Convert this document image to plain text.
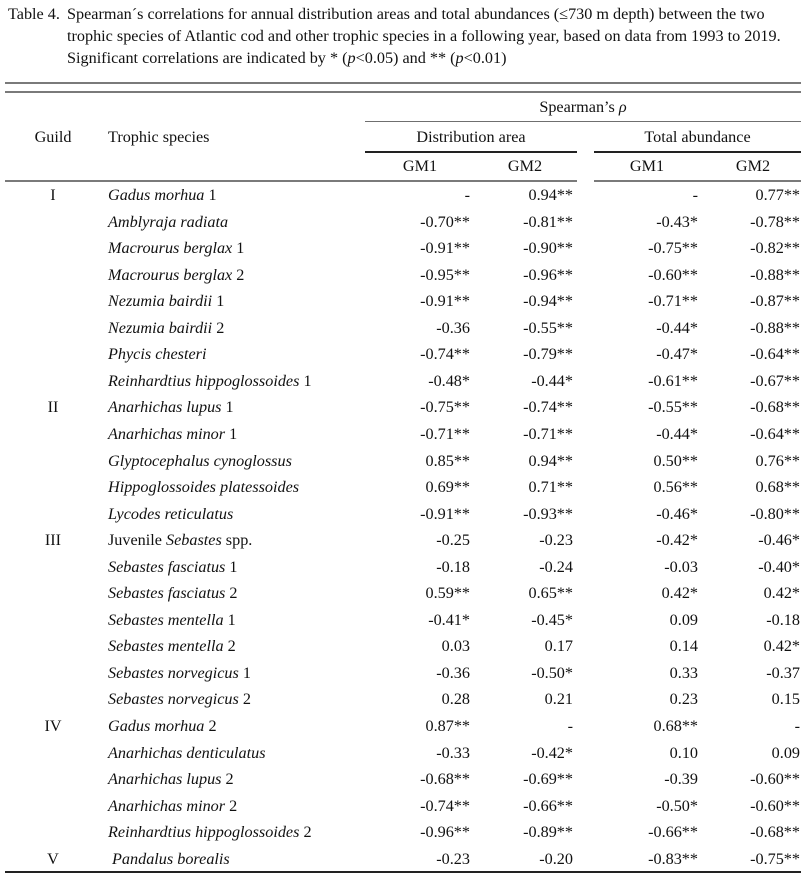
Table 4. Spearman´s correlations for annual distribution areas and total abundances (≤730 m depth) between the two trophic species of Atlantic cod and other trophic species in a following year, based on data from 1993 to 2019. Significant correlations are indicated by * (p<0.05) and ** (p<0.01)
Guild	Trophic species
Spearman’s ρ
Distribution area	Total abundance
GM1	GM2	GM1	GM2
I	Gadus morhua 1	-	0.94**	-	0.77**
Amblyraja radiata	-0.70**	-0.81**	-0.43*	-0.78**
Macrourus berglax 1	-0.91**	-0.90**	-0.75**	-0.82**
Macrourus berglax 2	-0.95**	-0.96**	-0.60**	-0.88**
Nezumia bairdii 1	-0.91**	-0.94**	-0.71**	-0.87**
Nezumia bairdii 2	-0.36	-0.55**	-0.44*	-0.88**
Phycis chesteri	-0.74**	-0.79**	-0.47*	-0.64**
Reinhardtius hippoglossoides 1	-0.48*	-0.44*	-0.61**	-0.67**
II	Anarhichas lupus 1	-0.75**	-0.74**	-0.55**	-0.68**
Anarhichas minor 1	-0.71**	-0.71**	-0.44*	-0.64**
Glyptocephalus cynoglossus	0.85**	0.94**	0.50**	0.76**
Hippoglossoides platessoides	0.69**	0.71**	0.56**	0.68**
Lycodes reticulatus	-0.91**	-0.93**	-0.46*	-0.80**
III	Juvenile Sebastes spp.	-0.25	-0.23	-0.42*	-0.46*
Sebastes fasciatus 1	-0.18	-0.24	-0.03	-0.40*
Sebastes fasciatus 2	0.59**	0.65**	0.42*	0.42*
Sebastes mentella 1	-0.41*	-0.45*	0.09	-0.18
Sebastes mentella 2	0.03	0.17	0.14	0.42*
Sebastes norvegicus 1	-0.36	-0.50*	0.33	-0.37
Sebastes norvegicus 2	0.28	0.21	0.23	0.15
IV	Gadus morhua 2	0.87**	-	0.68**	-
Anarhichas denticulatus	-0.33	-0.42*	0.10	0.09
Anarhichas lupus 2	-0.68**	-0.69**	-0.39	-0.60**
Anarhichas minor 2	-0.74**	-0.66**	-0.50*	-0.60**
Reinhardtius hippoglossoides 2	-0.96**	-0.89**	-0.66**	-0.68**
V	Pandalus borealis	-0.23	-0.20	-0.83**	-0.75**
